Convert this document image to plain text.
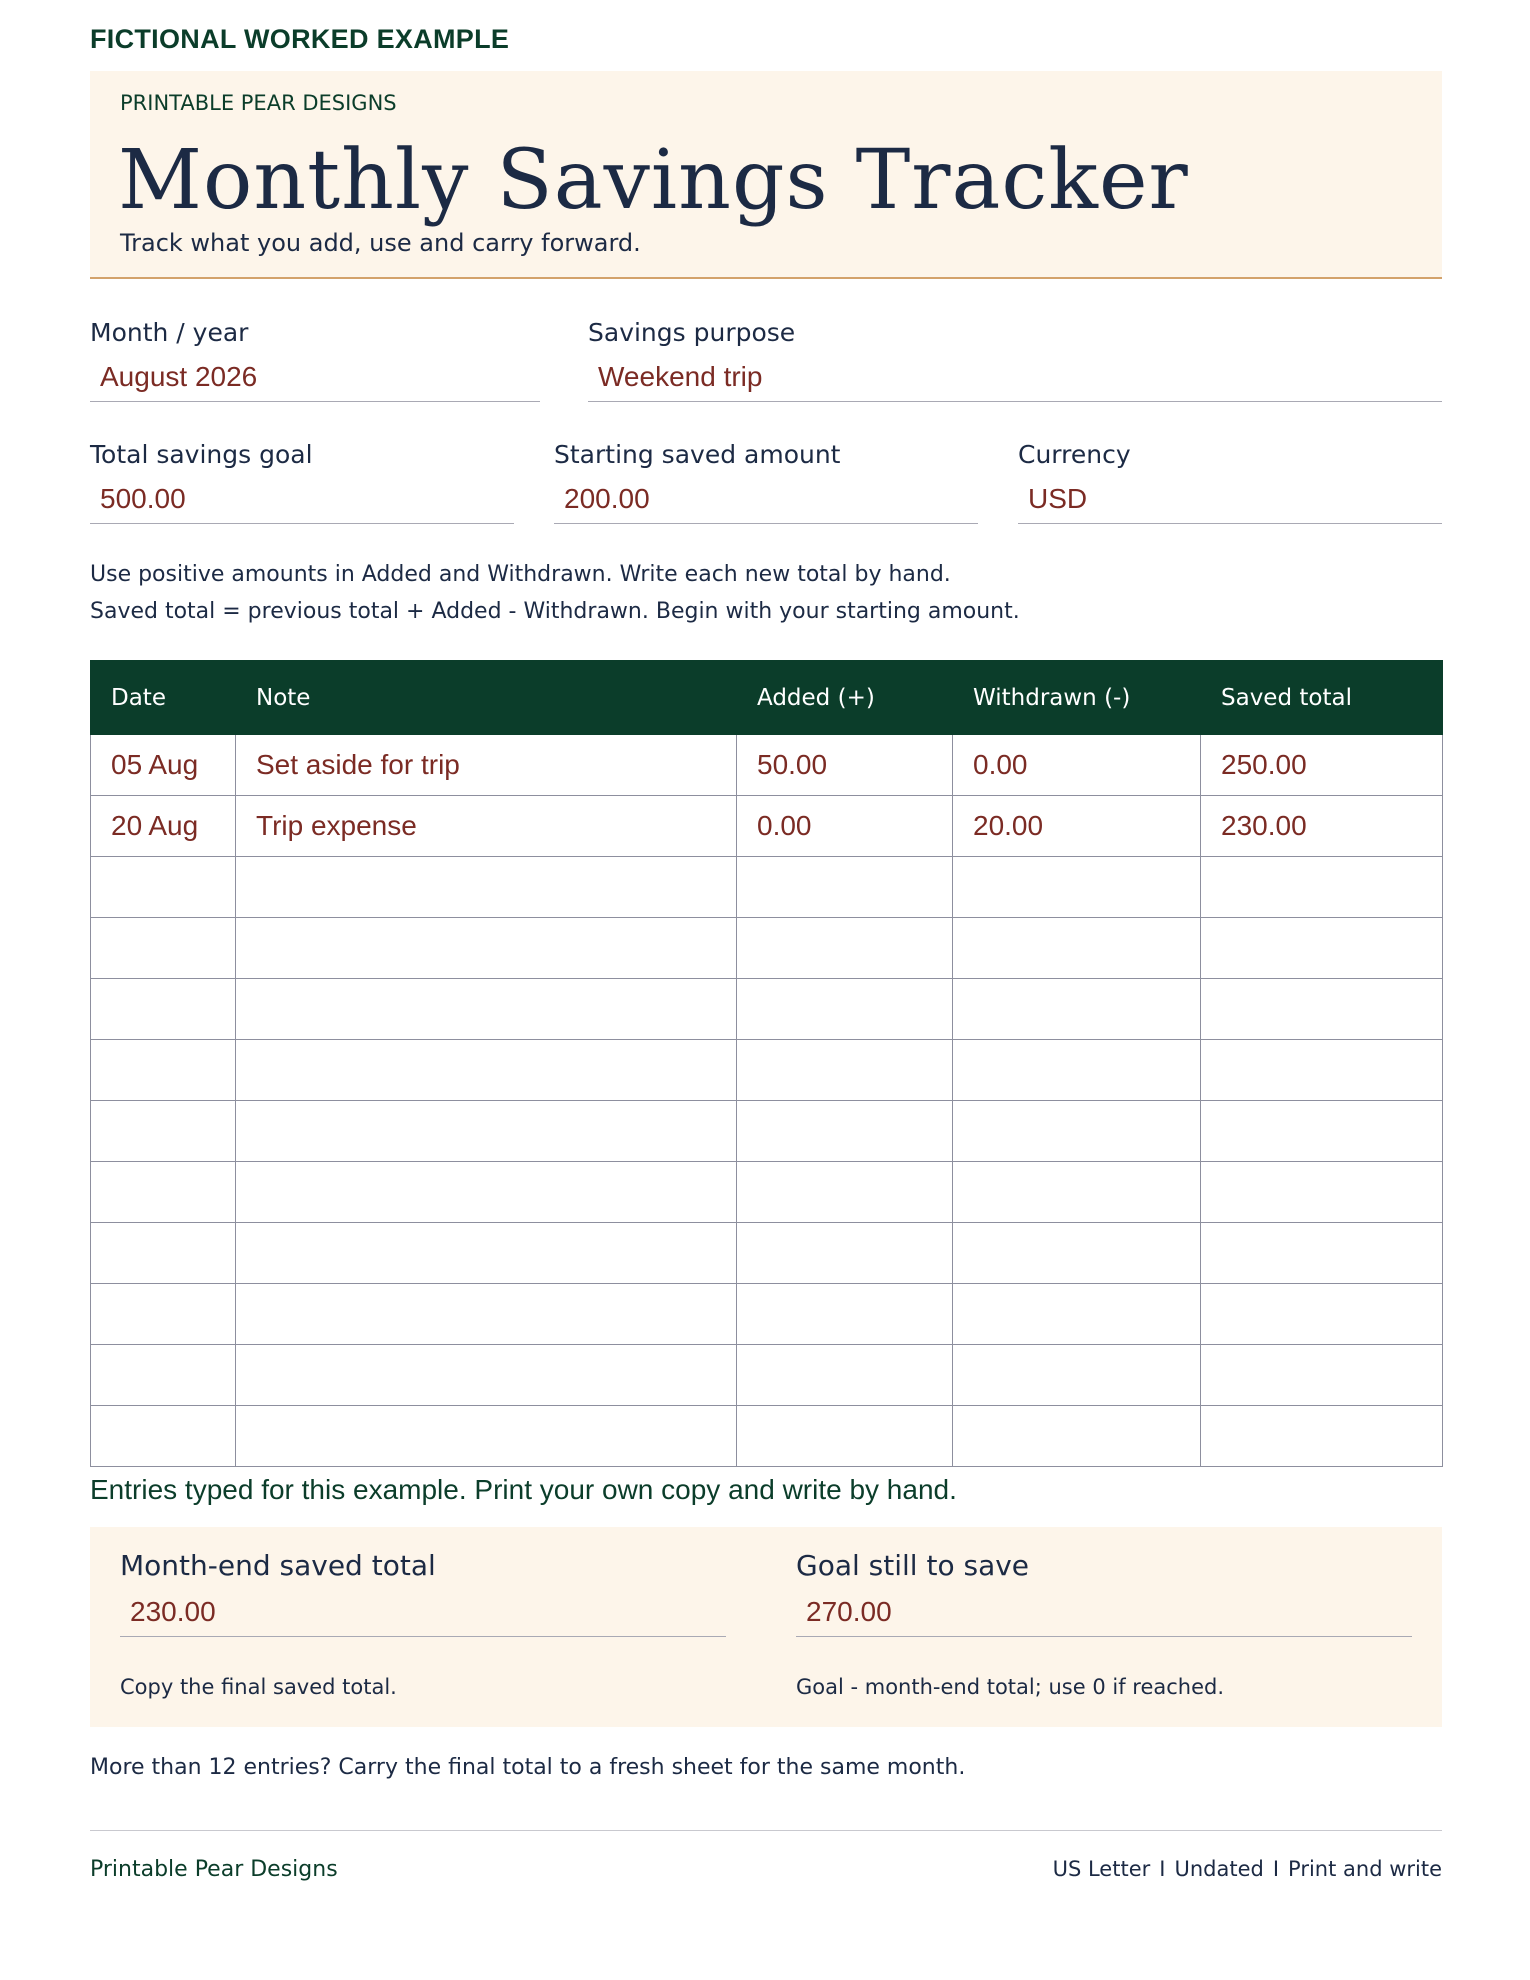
FICTIONAL WORKED EXAMPLE
PRINTABLE PEAR DESIGNS
Monthly Savings Tracker
Track what you add, use and carry forward.
Month / year
August 2026
Savings purpose
Weekend trip
Total savings goal
500.00
Starting saved amount
200.00
Currency
USD
Use positive amounts in Added and Withdrawn. Write each new total by hand.
Saved total = previous total + Added - Withdrawn. Begin with your starting amount.
Date	Note	Added (+)	Withdrawn (-)	Saved total
05 Aug	Set aside for trip	50.00	0.00	250.00
20 Aug	Trip expense	0.00	20.00	230.00

Entries typed for this example. Print your own copy and write by hand.
Month-end saved total
230.00
Copy the final saved total.
Goal still to save
270.00
Goal - month-end total; use 0 if reached.
More than 12 entries? Carry the final total to a fresh sheet for the same month.
Printable Pear Designs	US Letter I Undated I Print and write
